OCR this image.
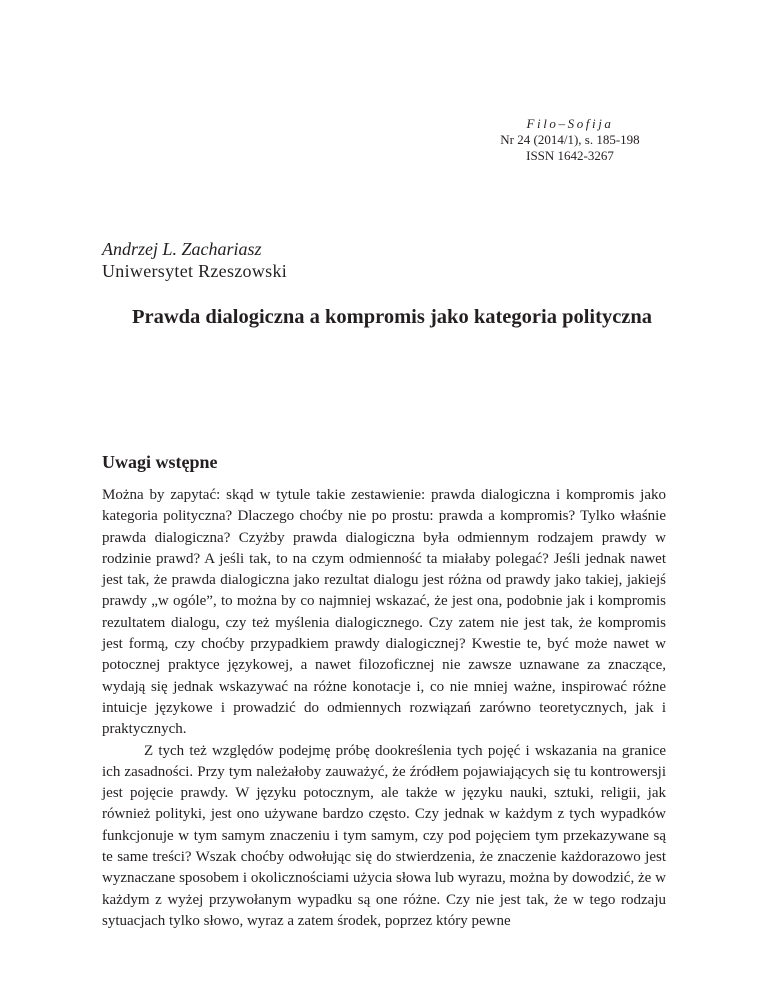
Filo–Sofija
Nr 24 (2014/1), s. 185-198
ISSN 1642-3267
Andrzej L. Zachariasz
Uniwersytet Rzeszowski
Prawda dialogiczna a kompromis jako kategoria polityczna
Uwagi wstępne

Można by zapytać: skąd w tytule takie zestawienie: prawda dialogiczna i kompromis jako kategoria polityczna? Dlaczego choćby nie po prostu: prawda a kompromis? Tylko właśnie prawda dialogiczna? Czyżby prawda dialogiczna była odmiennym rodzajem prawdy w rodzinie prawd? A jeśli tak, to na czym odmienność ta miałaby polegać? Jeśli jednak nawet jest tak, że prawda dialogiczna jako rezultat dialogu jest różna od prawdy jako takiej, jakiejś prawdy „w ogóle”, to można by co najmniej wskazać, że jest ona, podobnie jak i kompromis rezultatem dialogu, czy też myślenia dialogicznego. Czy zatem nie jest tak, że kompromis jest formą, czy choćby przypadkiem prawdy dialogicznej? Kwestie te, być może nawet w potocznej praktyce językowej, a nawet filozoficznej nie zawsze uznawane za znaczące, wydają się jednak wskazywać na różne konotacje i, co nie mniej ważne, inspirować różne intuicje językowe i prowadzić do odmiennych rozwiązań zarówno teoretycznych, jak i praktycznych.

Z tych też względów podejmę próbę dookreślenia tych pojęć i wskazania na granice ich zasadności. Przy tym należałoby zauważyć, że źródłem pojawiających się tu kontrowersji jest pojęcie prawdy. W języku potocznym, ale także w języku nauki, sztuki, religii, jak również polityki, jest ono używane bardzo często. Czy jednak w każdym z tych wypadków funkcjonuje w tym samym znaczeniu i tym samym, czy pod pojęciem tym przekazywane są te same treści? Wszak choćby odwołując się do stwierdzenia, że znaczenie każdorazowo jest wyznaczane sposobem i okolicznościami użycia słowa lub wyrazu, można by dowodzić, że w każdym z wyżej przywołanym wypadku są one różne. Czy nie jest tak, że w tego rodzaju sytuacjach tylko słowo, wyraz a zatem środek, poprzez który pewne
